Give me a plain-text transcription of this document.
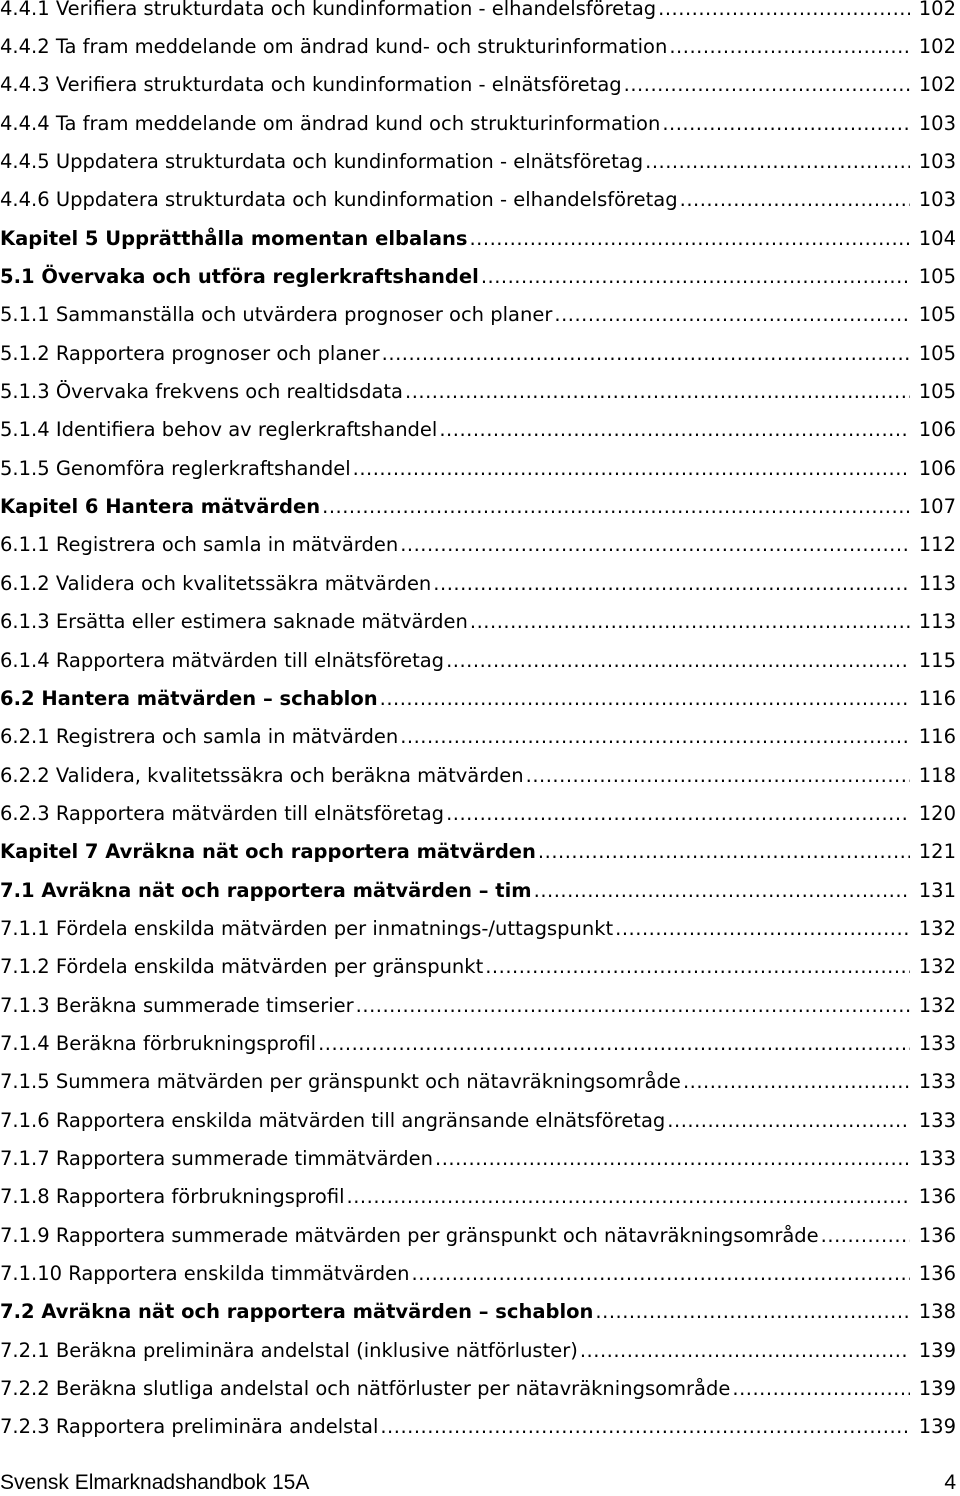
4.4.1 Verifiera strukturdata och kundinformation - elhandelsföretag .....	102
4.4.2 Ta fram meddelande om ändrad kund- och strukturinformation .....	102
4.4.3 Verifiera strukturdata och kundinformation - elnätsföretag .....	102
4.4.4 Ta fram meddelande om ändrad kund och strukturinformation .....	103
4.4.5 Uppdatera strukturdata och kundinformation - elnätsföretag .....	103
4.4.6 Uppdatera strukturdata och kundinformation - elhandelsföretag .....	103
Kapitel 5 Upprätthålla momentan elbalans .....	104
5.1 Övervaka och utföra reglerkraftshandel .....	105
5.1.1 Sammanställa och utvärdera prognoser och planer .....	105
5.1.2 Rapportera prognoser och planer .....	105
5.1.3 Övervaka frekvens och realtidsdata .....	105
5.1.4 Identifiera behov av reglerkraftshandel .....	106
5.1.5 Genomföra reglerkraftshandel .....	106
Kapitel 6 Hantera mätvärden .....	107
6.1.1 Registrera och samla in mätvärden .....	112
6.1.2 Validera och kvalitetssäkra mätvärden .....	113
6.1.3 Ersätta eller estimera saknade mätvärden .....	113
6.1.4 Rapportera mätvärden till elnätsföretag .....	115
6.2 Hantera mätvärden – schablon .....	116
6.2.1 Registrera och samla in mätvärden .....	116
6.2.2 Validera, kvalitetssäkra och beräkna mätvärden .....	118
6.2.3 Rapportera mätvärden till elnätsföretag .....	120
Kapitel 7 Avräkna nät och rapportera mätvärden .....	121
7.1 Avräkna nät och rapportera mätvärden – tim .....	131
7.1.1 Fördela enskilda mätvärden per inmatnings-/uttagspunkt .....	132
7.1.2 Fördela enskilda mätvärden per gränspunkt .....	132
7.1.3 Beräkna summerade timserier .....	132
7.1.4 Beräkna förbrukningsprofil .....	133
7.1.5 Summera mätvärden per gränspunkt och nätavräkningsområde .....	133
7.1.6 Rapportera enskilda mätvärden till angränsande elnätsföretag .....	133
7.1.7 Rapportera summerade timmätvärden .....	133
7.1.8 Rapportera förbrukningsprofil .....	136
7.1.9 Rapportera summerade mätvärden per gränspunkt och nätavräkningsområde .....	136
7.1.10 Rapportera enskilda timmätvärden .....	136
7.2 Avräkna nät och rapportera mätvärden – schablon .....	138
7.2.1 Beräkna preliminära andelstal (inklusive nätförluster) .....	139
7.2.2 Beräkna slutliga andelstal och nätförluster per nätavräkningsområde .....	139
7.2.3 Rapportera preliminära andelstal .....	139
Svensk Elmarknadshandbok 15A	4
